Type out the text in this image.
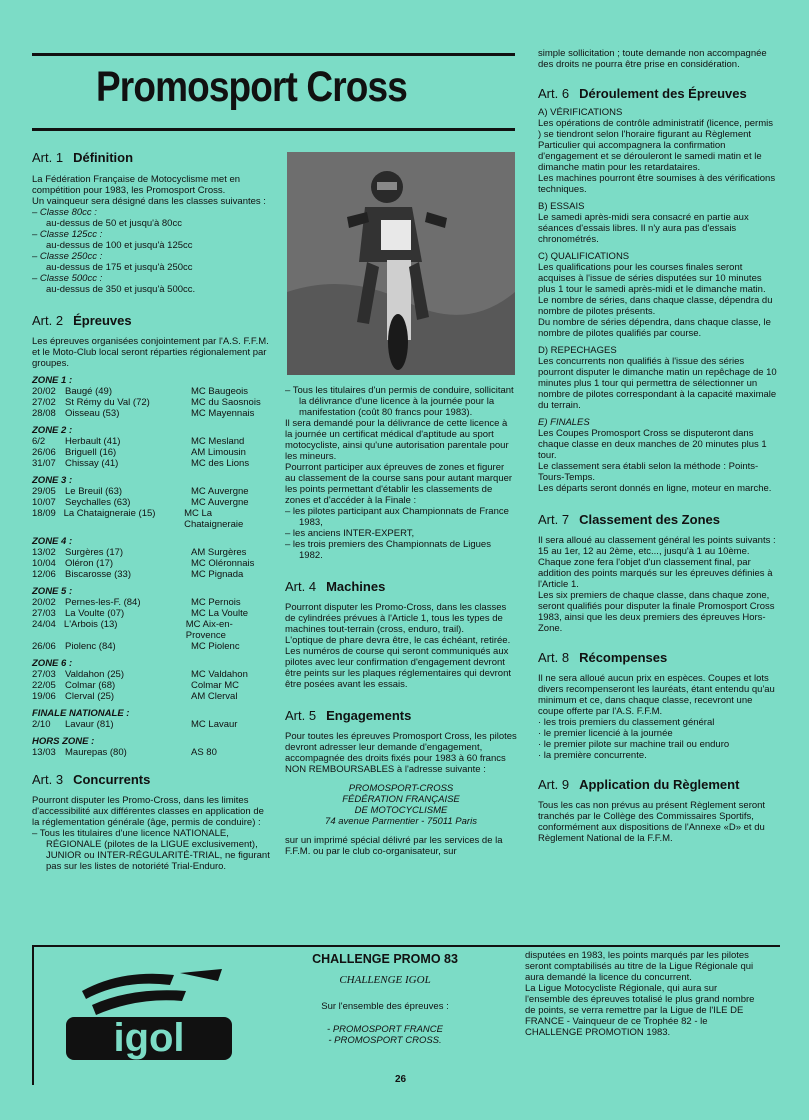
Promosport Cross
Art. 1 Définition

La Fédération Française de Motocyclisme met en compétition pour 1983, les Promosport Cross.

Un vainqueur sera désigné dans les classes suivantes :

– Classe 80cc :
au-dessus de 50 et jusqu'à 80cc
– Classe 125cc :
au-dessus de 100 et jusqu'à 125cc
– Classe 250cc :
au-dessus de 175 et jusqu'à 250cc
– Classe 500cc :
au-dessus de 350 et jusqu'à 500cc.
Art. 2 Épreuves
Les épreuves organisées conjointement par l'A.S. F.F.M. et le Moto-Club local seront réparties régionalement par groupes.
ZONE 1 :
20/02 Baugé (49)	MC Baugeois
27/02 St Rémy du Val (72)	MC du Saosnois
28/08 Oisseau (53)	MC Mayennais
ZONE 2 :
6/2	Herbault (41)	MC Mesland
26/06 Briguell (16)	AM Limousin
31/07 Chissay (41)	MC des Lions
ZONE 3 :
29/05 Le Breuil (63)	MC Auvergne
10/07 Seychalles (63)	MC Auvergne
18/09 La Chataigneraie (15)	MC La Chataigneraie
ZONE 4 :
13/02 Surgères (17)	AM Surgères
10/04 Oléron (17)	MC Oléronnais
12/06 Biscarosse (33)	MC Pignada
ZONE 5 :
20/02 Pernes-les-F. (84)	MC Pernois
27/03 La Voulte (07)	MC La Voulte
24/04 L'Arbois (13)	MC Aix-en-Provence
26/06 Piolenc (84)	MC Piolenc
ZONE 6 :
27/03 Valdahon (25)	MC Valdahon
22/05 Colmar (68)	Colmar MC
19/06 Clerval (25)	AM Clerval
FINALE NATIONALE :
2/10	Lavaur (81)	MC Lavaur
HORS ZONE :
13/03 Maurepas (80)	AS 80
Art. 3 Concurrents
Pourront disputer les Promo-Cross, dans les limites d'accessibilité aux différentes classes en application de la réglementation générale (âge, permis de conduire) :
– Tous les titulaires d'une licence NATIONALE, RÉGIONALE (pilotes de la LIGUE exclusivement), JUNIOR ou INTER-RÉGULARITÉ-TRIAL, ne figurant pas sur les listes de notoriété Trial-Enduro.
– Tous les titulaires d'un permis de conduire, sollicitant la délivrance d'une licence à la journée pour la manifestation (coût 80 francs pour 1983).
Il sera demandé pour la délivrance de cette licence à la journée un certificat médical d'aptitude au sport motocycliste, ainsi qu'une autorisation parentale pour les mineurs.
Pourront participer aux épreuves de zones et figurer au classement de la course sans pour autant marquer les points permettant d'établir les classements de zones et d'accéder à la Finale :
– les pilotes participant aux Championnats de France 1983,
– les anciens INTER-EXPERT,
– les trois premiers des Championnats de Ligues 1982.
Art. 4 Machines
Pourront disputer les Promo-Cross, dans les classes de cylindrées prévues à l'Article 1, tous les types de machines tout-terrain (cross, enduro, trail).
L'optique de phare devra être, le cas échéant, retirée.
Les numéros de course qui seront communiqués aux pilotes avec leur confirmation d'engagement devront être peints sur les plaques réglementaires qui devront être posées avant les essais.
Art. 5 Engagements
Pour toutes les épreuves Promosport Cross, les pilotes devront adresser leur demande d'engagement, accompagnée des droits fixés pour 1983 à 60 francs NON REMBOURSABLES à l'adresse suivante :
PROMOSPORT-CROSS
FÉDÉRATION FRANÇAISE
DE MOTOCYCLISME
74 avenue Parmentier - 75011 Paris
sur un imprimé spécial délivré par les services de la F.F.M. ou par le club co-organisateur, sur
simple sollicitation ; toute demande non accompagnée des droits ne pourra être prise en considération.
Art. 6 Déroulement des Épreuves
A) VÉRIFICATIONS
Les opérations de contrôle administratif (licence, permis ) se tiendront selon l'horaire figurant au Règlement Particulier qui accompagnera la confirmation d'engagement et se dérouleront le samedi matin et le dimanche matin pour les retardataires.
Les machines pourront être soumises à des vérifications techniques.
B) ESSAIS
Le samedi après-midi sera consacré en partie aux séances d'essais libres. Il n'y aura pas d'essais chronométrés.
C) QUALIFICATIONS
Les qualifications pour les courses finales seront acquises à l'issue de séries disputées sur 10 minutes plus 1 tour le samedi après-midi et le dimanche matin.
Le nombre de séries, dans chaque classe, dépendra du nombre de pilotes présents.
Du nombre de séries dépendra, dans chaque classe, le nombre de pilotes qualifiés par course.
D) REPECHAGES
Les concurrents non qualifiés à l'issue des séries pourront disputer le dimanche matin un repêchage de 10 minutes plus 1 tour qui permettra de sélectionner un nombre de pilotes correspondant à la capacité maximale du terrain.
E) FINALES
Les Coupes Promosport Cross se disputeront dans chaque classe en deux manches de 20 minutes plus 1 tour.
Le classement sera établi selon la méthode : Points-Tours-Temps.
Les départs seront donnés en ligne, moteur en marche.
Art. 7 Classement des Zones
Il sera alloué au classement général les points suivants : 15 au 1er, 12 au 2ème, etc..., jusqu'à 1 au 10ème. Chaque zone fera l'objet d'un classement final, par addition des points marqués sur les épreuves définies à l'Article 1.
Les six premiers de chaque classe, dans chaque zone, seront qualifiés pour disputer la finale Promosport Cross 1983, ainsi que les deux premiers des épreuves Hors-Zone.
Art. 8 Récompenses
Il ne sera alloué aucun prix en espèces. Coupes et lots divers recompenseront les lauréats, étant entendu qu'au minimum et ce, dans chaque classe, recevront une coupe offerte par l'A.S. F.F.M.
· les trois premiers du classement général
· le premier licencié à la journée
· le premier pilote sur machine trail ou enduro
· la première concurrente.
Art. 9 Application du Règlement
Tous les cas non prévus au présent Règlement seront tranchés par le Collège des Commissaires Sportifs, conformément aux dispositions de l'Annexe «D» et du Règlement National de la F.F.M.
igol
CHALLENGE PROMO 83
CHALLENGE IGOL
Sur l'ensemble des épreuves :
- PROMOSPORT FRANCE
- PROMOSPORT CROSS.
disputées en 1983, les points marqués par les pilotes seront comptabilisés au titre de la Ligue Régionale qui aura demandé la licence du concurrent.
La Ligue Motocycliste Régionale, qui aura sur l'ensemble des épreuves totalisé le plus grand nombre de points, se verra remettre par la Ligue de l'ILE DE FRANCE - Vainqueur de ce Trophée 82 - le CHALLENGE PROMOTION 1983.
26
